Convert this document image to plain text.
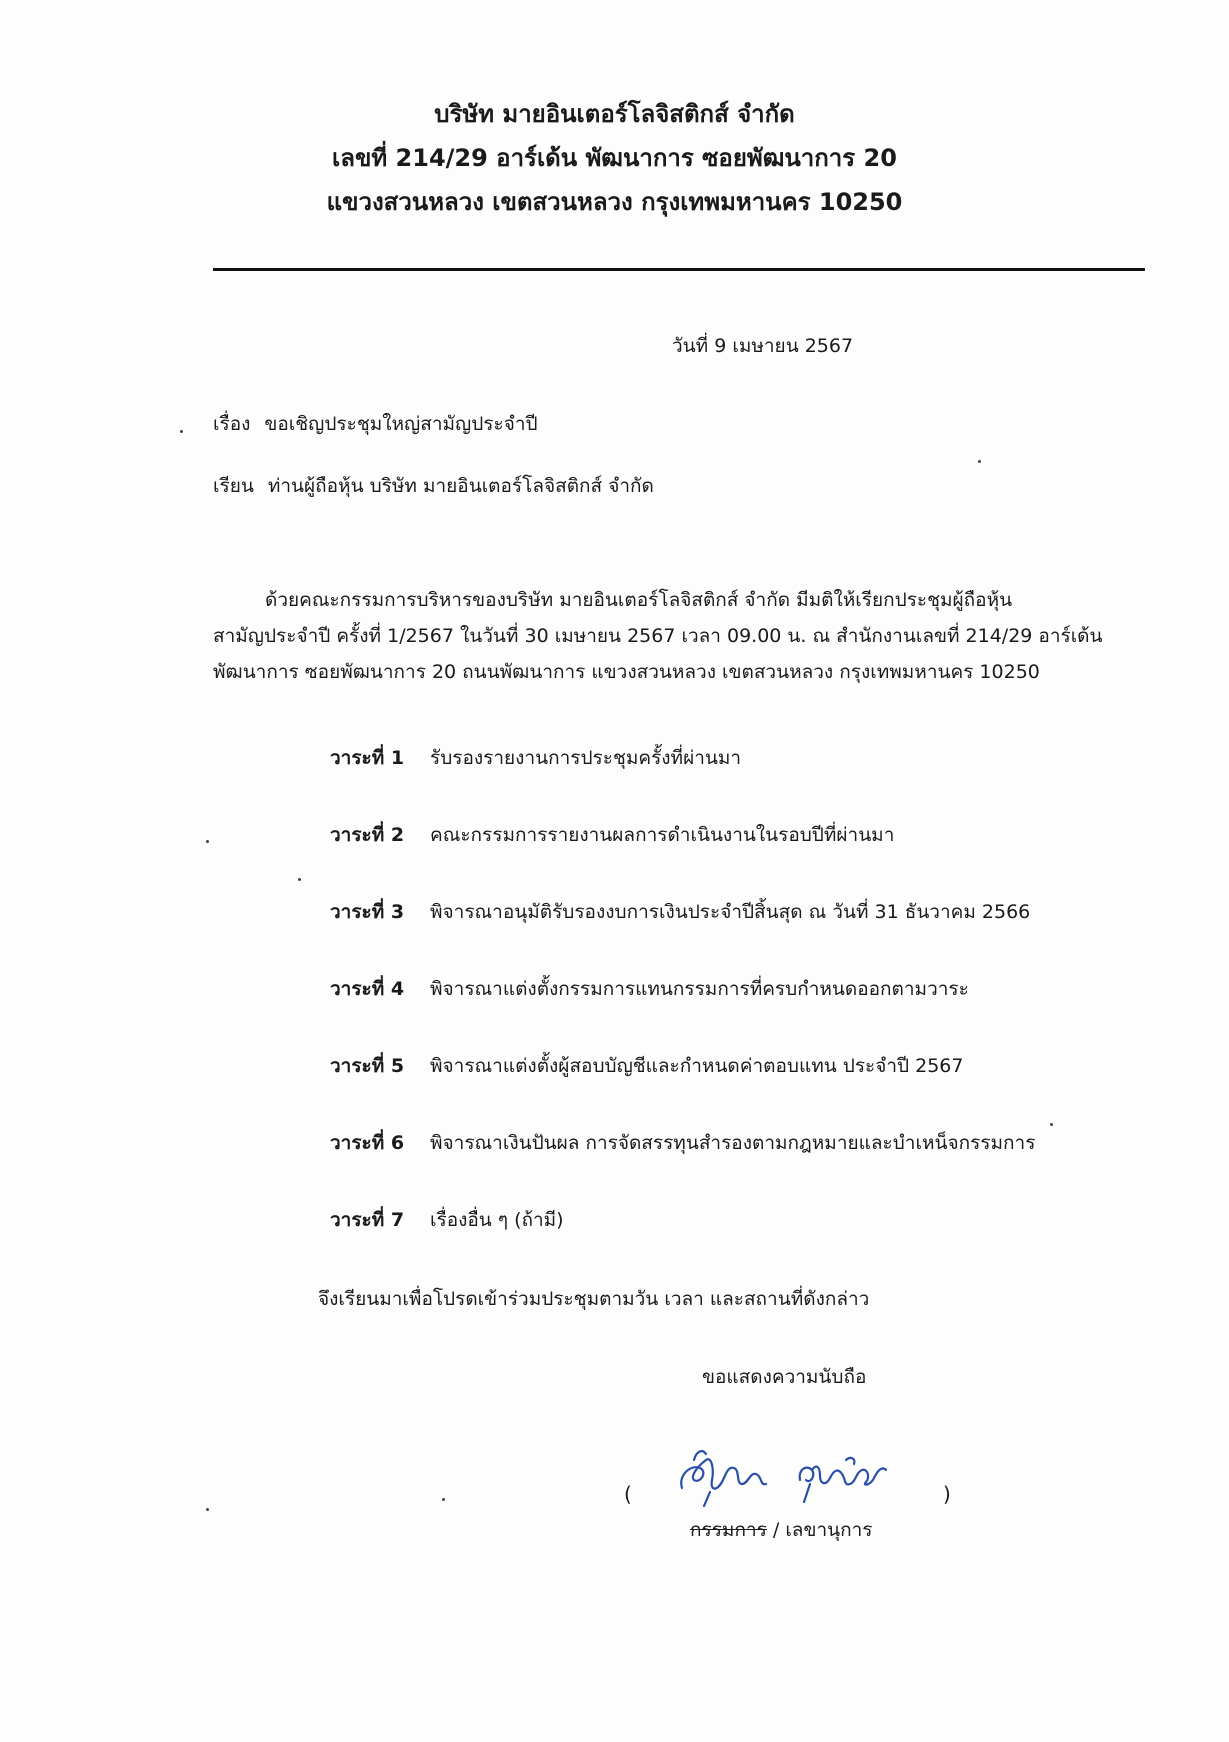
บริษัท มายอินเตอร์โลจิสติกส์ จำกัด
เลขที่ 214/29 อาร์เด้น พัฒนาการ ซอยพัฒนาการ 20
แขวงสวนหลวง เขตสวนหลวง กรุงเทพมหานคร 10250
วันที่ 9 เมษายน 2567
เรื่อง ขอเชิญประชุมใหญ่สามัญประจำปี
เรียน ท่านผู้ถือหุ้น บริษัท มายอินเตอร์โลจิสติกส์ จำกัด
ด้วยคณะกรรมการบริหารของบริษัท มายอินเตอร์โลจิสติกส์ จำกัด มีมติให้เรียกประชุมผู้ถือหุ้น
สามัญประจำปี ครั้งที่ 1/2567 ในวันที่ 30 เมษายน 2567 เวลา 09.00 น. ณ สำนักงานเลขที่ 214/29 อาร์เด้น
พัฒนาการ ซอยพัฒนาการ 20 ถนนพัฒนาการ แขวงสวนหลวง เขตสวนหลวง กรุงเทพมหานคร 10250
วาระที่ 1 รับรองรายงานการประชุมครั้งที่ผ่านมา
วาระที่ 2 คณะกรรมการรายงานผลการดำเนินงานในรอบปีที่ผ่านมา
วาระที่ 3 พิจารณาอนุมัติรับรองงบการเงินประจำปีสิ้นสุด ณ วันที่ 31 ธันวาคม 2566
วาระที่ 4 พิจารณาแต่งตั้งกรรมการแทนกรรมการที่ครบกำหนดออกตามวาระ
วาระที่ 5 พิจารณาแต่งตั้งผู้สอบบัญชีและกำหนดค่าตอบแทน ประจำปี 2567
วาระที่ 6 พิจารณาเงินปันผล การจัดสรรทุนสำรองตามกฎหมายและบำเหน็จกรรมการ
วาระที่ 7 เรื่องอื่น ๆ (ถ้ามี)
จึงเรียนมาเพื่อโปรดเข้าร่วมประชุมตามวัน เวลา และสถานที่ดังกล่าว
ขอแสดงความนับถือ
(	)
กรรมการ / เลขานุการ
